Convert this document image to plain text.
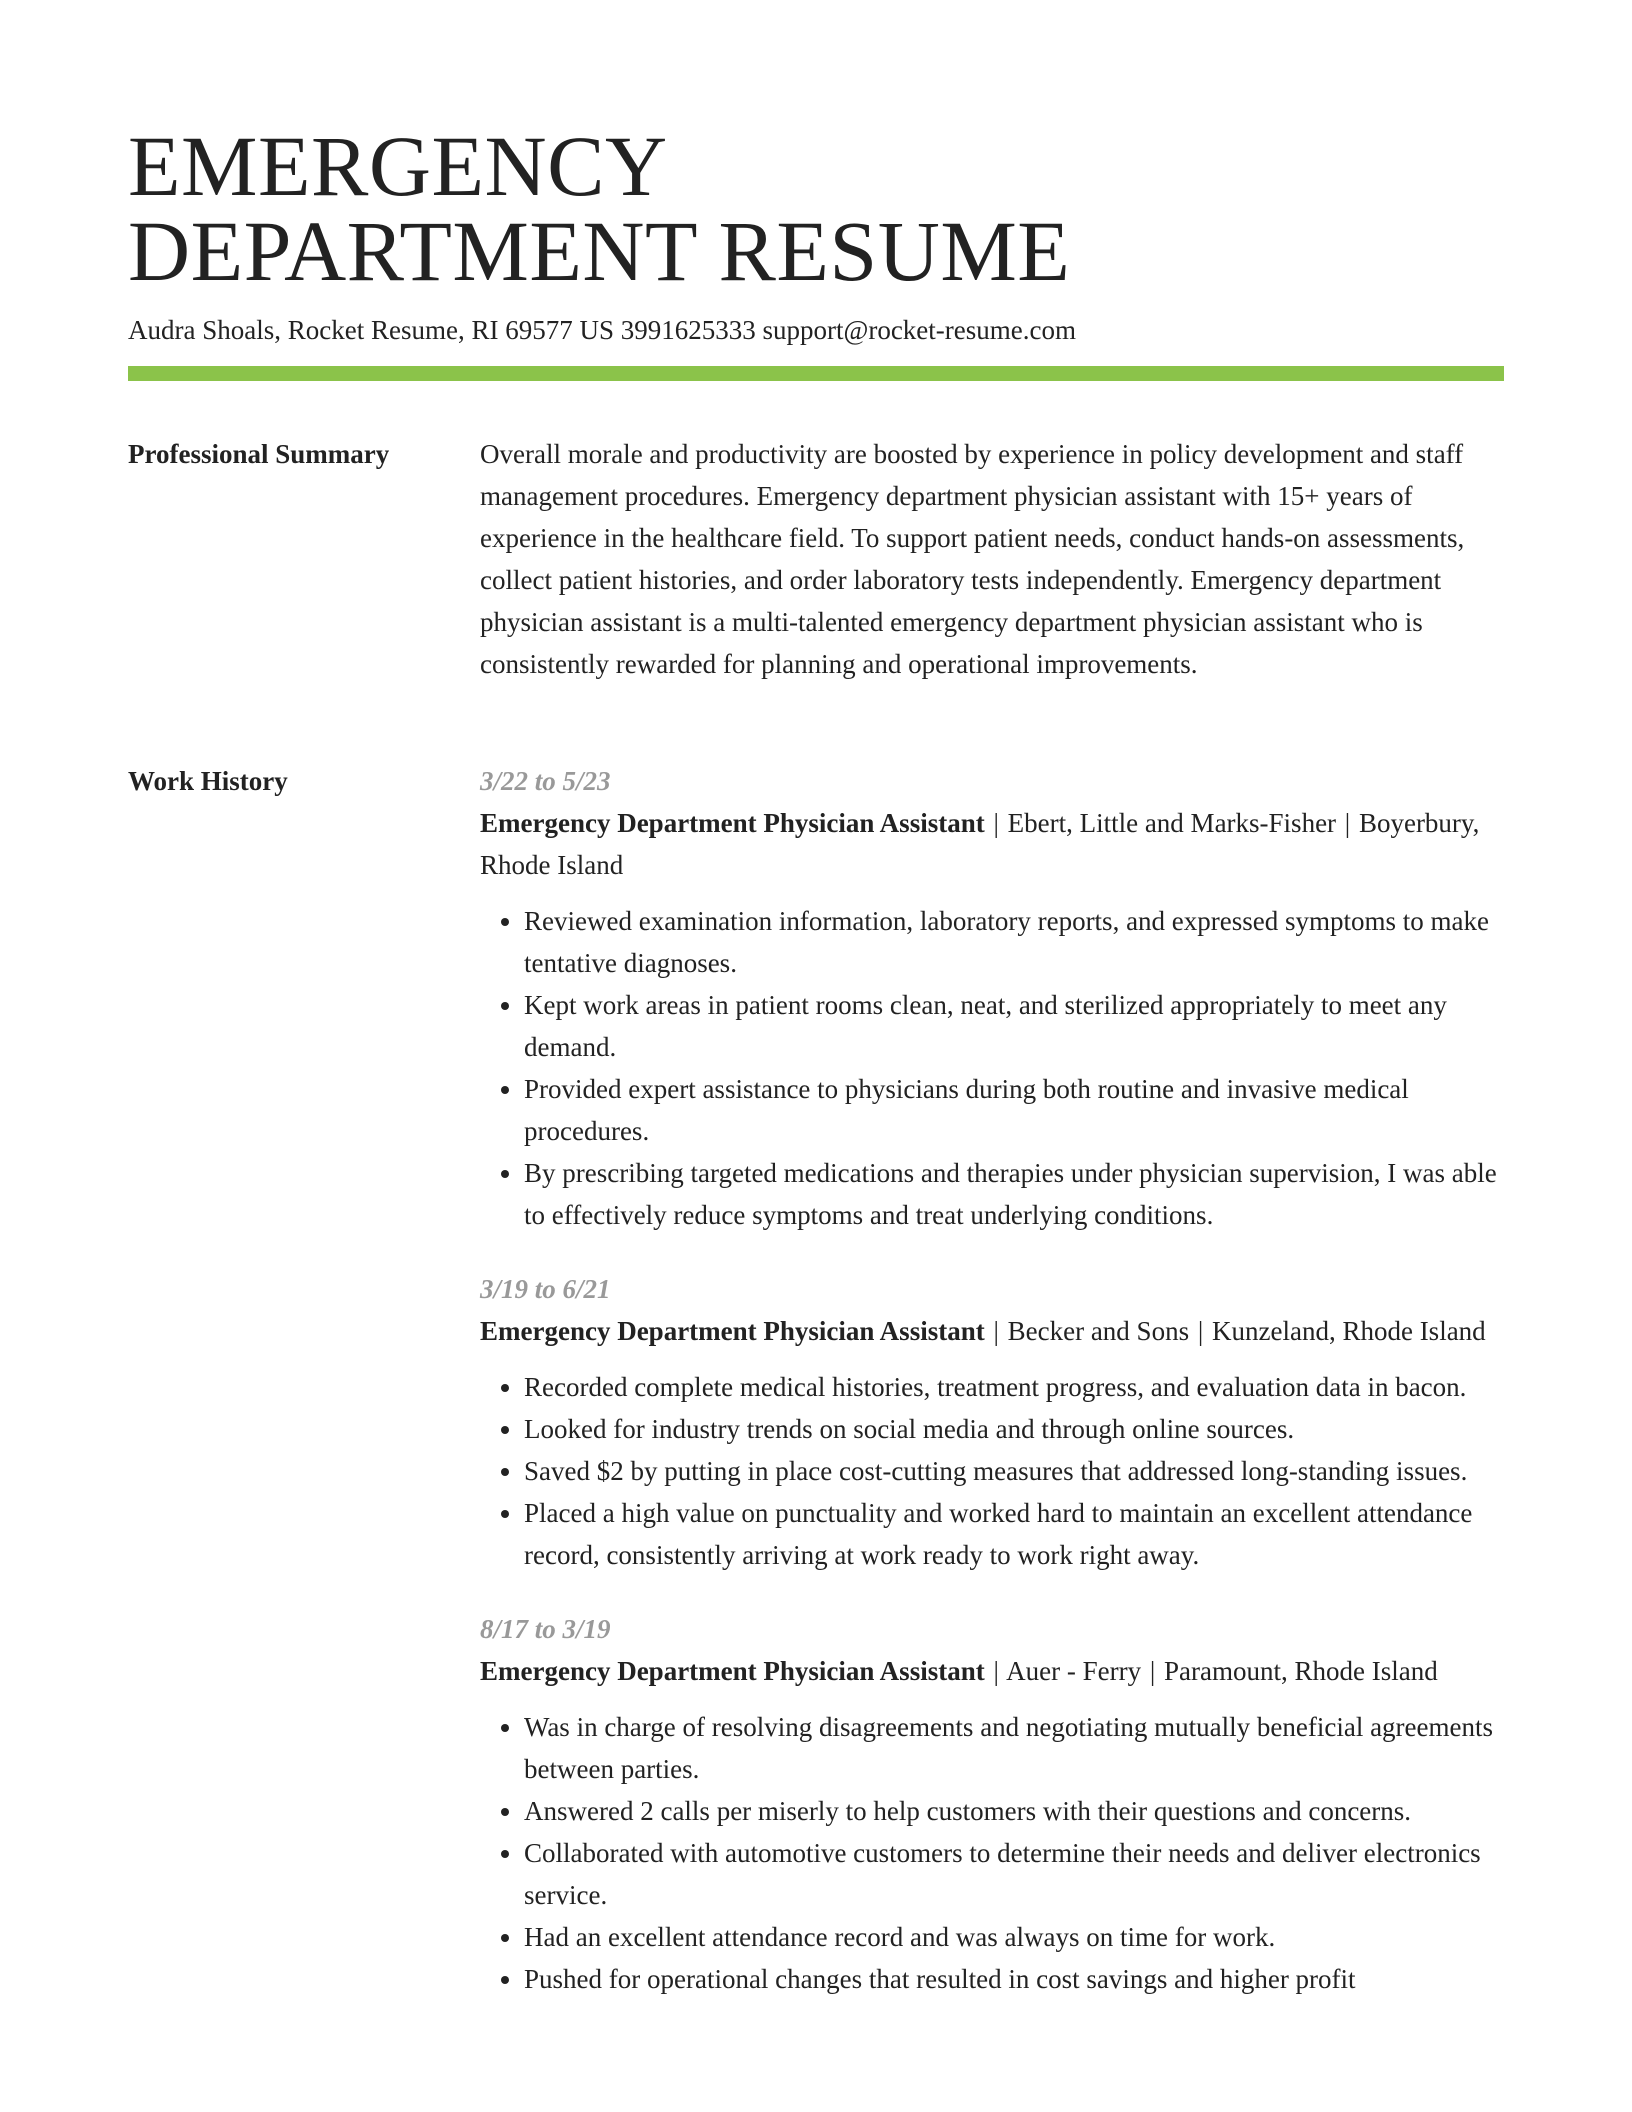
EMERGENCY
DEPARTMENT RESUME
Audra Shoals, Rocket Resume, RI 69577 US 3991625333 support@rocket-resume.com
Professional Summary	Overall morale and productivity are boosted by experience in policy development and staff management procedures. Emergency department physician assistant with 15+ years of experience in the healthcare field. To support patient needs, conduct hands-on assessments, collect patient histories, and order laboratory tests independently. Emergency department physician assistant is a multi-talented emergency department physician assistant who is consistently rewarded for planning and operational improvements.

Work History	3/22 to 5/23

Emergency Department Physician Assistant | Ebert, Little and Marks-Fisher | Boyerbury, Rhode Island

• Reviewed examination information, laboratory reports, and expressed symptoms to make tentative diagnoses.
• Kept work areas in patient rooms clean, neat, and sterilized appropriately to meet any demand.
• Provided expert assistance to physicians during both routine and invasive medical procedures.
• By prescribing targeted medications and therapies under physician supervision, I was able to effectively reduce symptoms and treat underlying conditions.
3/19 to 6/21

Emergency Department Physician Assistant | Becker and Sons | Kunzeland, Rhode Island

• Recorded complete medical histories, treatment progress, and evaluation data in bacon.
• Looked for industry trends on social media and through online sources.
• Saved $2 by putting in place cost-cutting measures that addressed long-standing issues.
• Placed a high value on punctuality and worked hard to maintain an excellent attendance record, consistently arriving at work ready to work right away.
8/17 to 3/19

Emergency Department Physician Assistant | Auer - Ferry | Paramount, Rhode Island

• Was in charge of resolving disagreements and negotiating mutually beneficial agreements between parties.
• Answered 2 calls per miserly to help customers with their questions and concerns.
• Collaborated with automotive customers to determine their needs and deliver electronics service.
• Had an excellent attendance record and was always on time for work.
• Pushed for operational changes that resulted in cost savings and higher profit
